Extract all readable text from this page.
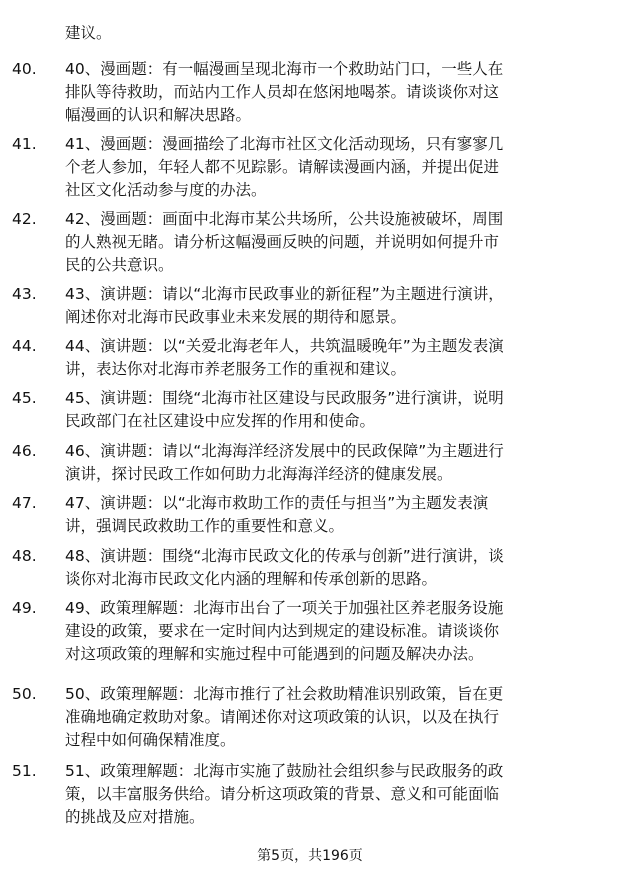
建议。
40.	40、漫画题：有一幅漫画呈现北海市一个救助站门口，一些人在
排队等待救助，而站内工作人员却在悠闲地喝茶。请谈谈你对这
幅漫画的认识和解决思路。
41.	41、漫画题：漫画描绘了北海市社区文化活动现场，只有寥寥几
个老人参加，年轻人都不见踪影。请解读漫画内涵，并提出促进
社区文化活动参与度的办法。
42.	42、漫画题：画面中北海市某公共场所，公共设施被破坏，周围
的人熟视无睹。请分析这幅漫画反映的问题，并说明如何提升市
民的公共意识。
43.	43、演讲题：请以“北海市民政事业的新征程”为主题进行演讲，
阐述你对北海市民政事业未来发展的期待和愿景。
44.	44、演讲题：以“关爱北海老年人，共筑温暖晚年”为主题发表演
讲，表达你对北海市养老服务工作的重视和建议。
45.	45、演讲题：围绕“北海市社区建设与民政服务”进行演讲，说明
民政部门在社区建设中应发挥的作用和使命。
46.	46、演讲题：请以“北海海洋经济发展中的民政保障”为主题进行
演讲，探讨民政工作如何助力北海海洋经济的健康发展。
47.	47、演讲题：以“北海市救助工作的责任与担当”为主题发表演
讲，强调民政救助工作的重要性和意义。
48.	48、演讲题：围绕“北海市民政文化的传承与创新”进行演讲，谈
谈你对北海市民政文化内涵的理解和传承创新的思路。
49.	49、政策理解题：北海市出台了一项关于加强社区养老服务设施
建设的政策，要求在一定时间内达到规定的建设标准。请谈谈你
对这项政策的理解和实施过程中可能遇到的问题及解决办法。
50.	50、政策理解题：北海市推行了社会救助精准识别政策，旨在更
准确地确定救助对象。请阐述你对这项政策的认识，以及在执行
过程中如何确保精准度。
51.	51、政策理解题：北海市实施了鼓励社会组织参与民政服务的政
策，以丰富服务供给。请分析这项政策的背景、意义和可能面临
的挑战及应对措施。
第5页，共196页
